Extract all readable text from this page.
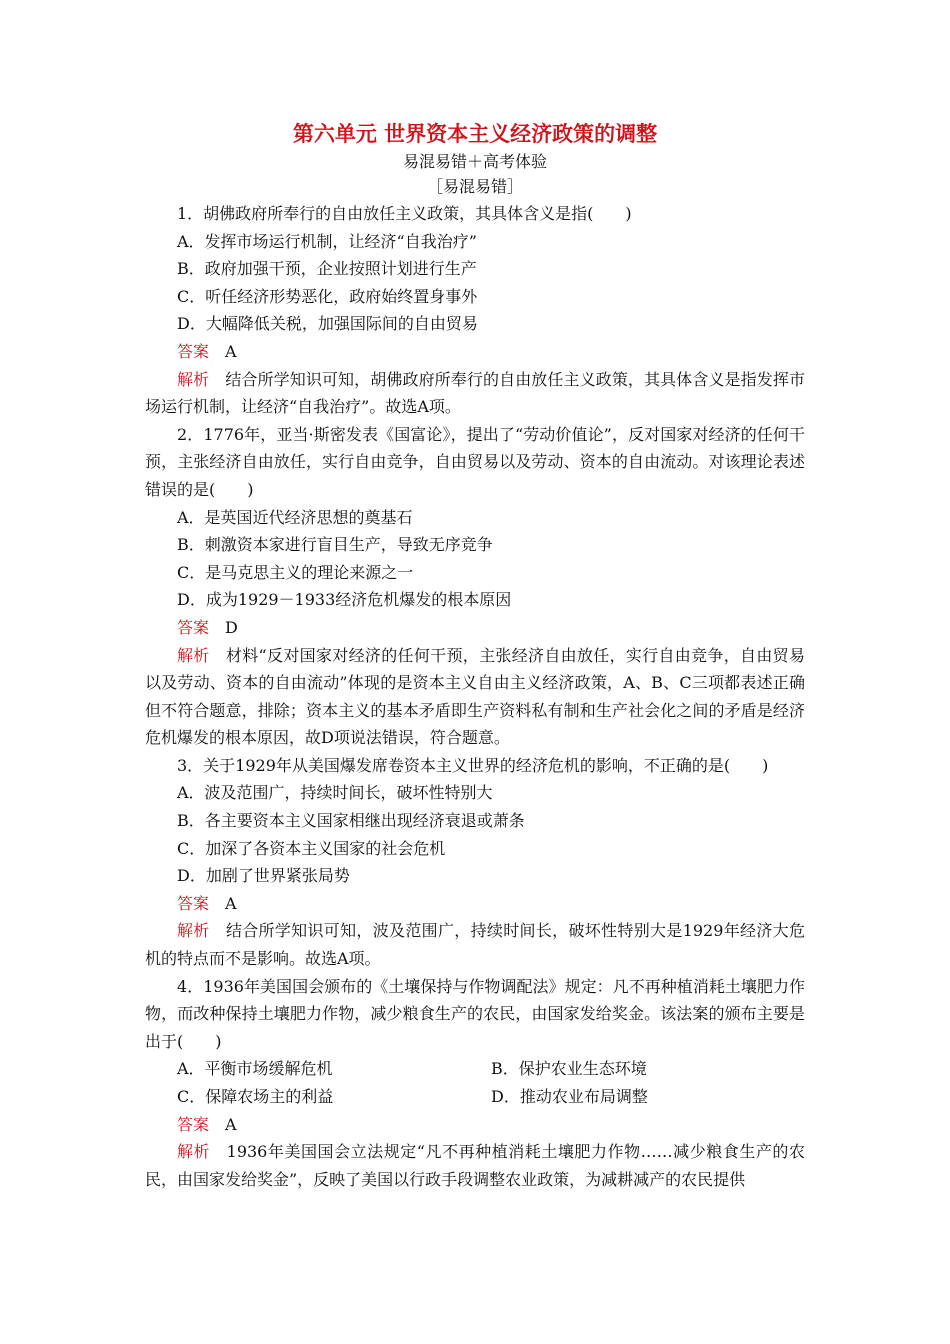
第六单元 世界资本主义经济政策的调整

易混易错＋高考体验

［易混易错］

1．胡佛政府所奉行的自由放任主义政策，其具体含义是指(　　)

A．发挥市场运行机制，让经济“自我治疗”

B．政府加强干预，企业按照计划进行生产

C．听任经济形势恶化，政府始终置身事外

D．大幅降低关税，加强国际间的自由贸易

答案　 A

解析　 结合所学知识可知，胡佛政府所奉行的自由放任主义政策，其具体含义是指发挥市场运行机制，让经济“自我治疗”。故选A项。

2．1776年，亚当·斯密发表《国富论》，提出了“劳动价值论”，反对国家对经济的任何干预，主张经济自由放任，实行自由竞争，自由贸易以及劳动、资本的自由流动。对该理论表述错误的是(　　)

A．是英国近代经济思想的奠基石

B．刺激资本家进行盲目生产，导致无序竞争

C．是马克思主义的理论来源之一

D．成为1929－1933经济危机爆发的根本原因

答案　 D

解析　 材料“反对国家对经济的任何干预，主张经济自由放任，实行自由竞争，自由贸易以及劳动、资本的自由流动”体现的是资本主义自由主义经济政策，A、B、C三项都表述正确但不符合题意，排除；资本主义的基本矛盾即生产资料私有制和生产社会化之间的矛盾是经济危机爆发的根本原因，故D项说法错误，符合题意。

3．关于1929年从美国爆发席卷资本主义世界的经济危机的影响，不正确的是(　　)

A．波及范围广，持续时间长，破坏性特别大

B．各主要资本主义国家相继出现经济衰退或萧条

C．加深了各资本主义国家的社会危机

D．加剧了世界紧张局势

答案　 A

解析　 结合所学知识可知，波及范围广，持续时间长，破坏性特别大是1929年经济大危机的特点而不是影响。故选A项。

4．1936年美国国会颁布的《土壤保持与作物调配法》规定：凡不再种植消耗土壤肥力作物，而改种保持土壤肥力作物，减少粮食生产的农民，由国家发给奖金。该法案的颁布主要是出于(　　)

A．平衡市场缓解危机	B．保护农业生态环境
C．保障农场主的利益	D．推动农业布局调整

答案　 A

解析　 1936年美国国会立法规定“凡不再种植消耗土壤肥力作物……减少粮食生产的农民，由国家发给奖金”，反映了美国以行政手段调整农业政策，为减耕减产的农民提供
